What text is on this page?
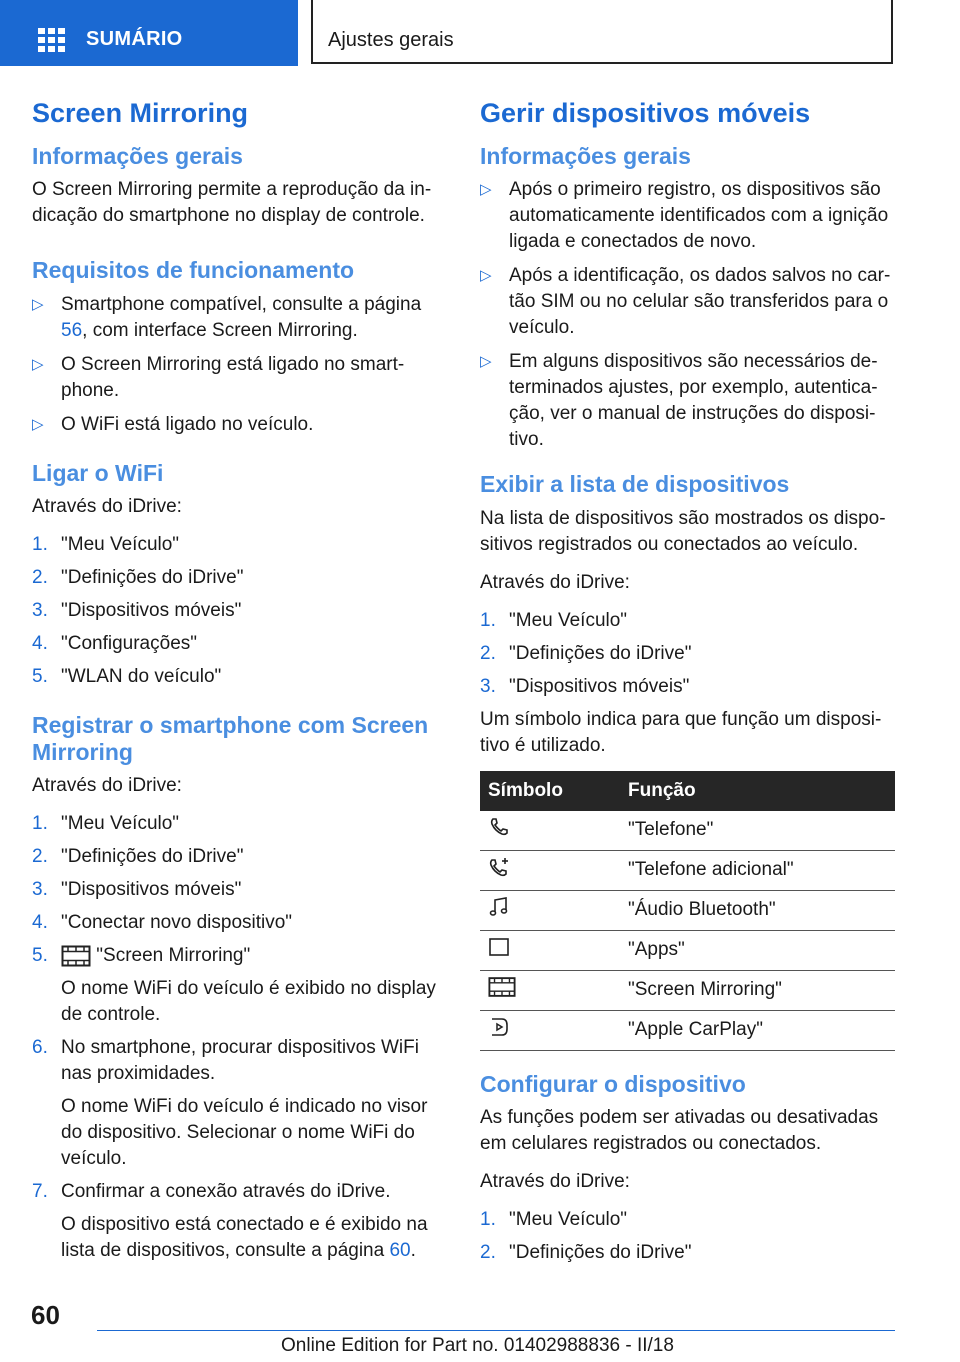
SUMÁRIO	Ajustes gerais
Screen Mirroring
Informações gerais

O Screen Mirroring permite a reprodução da in-dicação do smartphone no display de controle.

Requisitos de funcionamento
▷ Smartphone compatível, consulte a página 56, com interface Screen Mirroring.
▷ O Screen Mirroring está ligado no smart-phone.
▷ O WiFi está ligado no veículo.
Ligar o WiFi

Através do iDrive:

1. "Meu Veículo"
2. "Definições do iDrive"
3. "Dispositivos móveis"
4. "Configurações"
5. "WLAN do veículo"
Registrar o smartphone com Screen Mirroring

Através do iDrive:

1. "Meu Veículo"
2. "Definições do iDrive"
3. "Dispositivos móveis"
4. "Conectar novo dispositivo"
5.	"Screen Mirroring"
O nome WiFi do veículo é exibido no display de controle.
6. No smartphone, procurar dispositivos WiFi nas proximidades.
O nome WiFi do veículo é indicado no visor do dispositivo. Selecionar o nome WiFi do veículo.
7. Confirmar a conexão através do iDrive.
O dispositivo está conectado e é exibido na lista de dispositivos, consulte a página 60.
Gerir dispositivos móveis
Informações gerais
▷ Após o primeiro registro, os dispositivos são automaticamente identificados com a ignição ligada e conectados de novo.
▷ Após a identificação, os dados salvos no car-tão SIM ou no celular são transferidos para o veículo.
▷ Em alguns dispositivos são necessários de-terminados ajustes, por exemplo, autentica-ção, ver o manual de instruções do disposi-tivo.
Exibir a lista de dispositivos

Na lista de dispositivos são mostrados os dispo-sitivos registrados ou conectados ao veículo.

Através do iDrive:

1. "Meu Veículo"
2. "Definições do iDrive"
3. "Dispositivos móveis"

Um símbolo indica para que função um disposi-tivo é utilizado.

Símbolo	Função
	"Telefone"
	"Telefone adicional"
	"Áudio Bluetooth"
	"Apps"
	"Screen Mirroring"
	"Apple CarPlay"
Configurar o dispositivo

As funções podem ser ativadas ou desativadas em celulares registrados ou conectados.

Através do iDrive:

1. "Meu Veículo"
2. "Definições do iDrive"
60
Online Edition for Part no. 01402988836 - II/18
